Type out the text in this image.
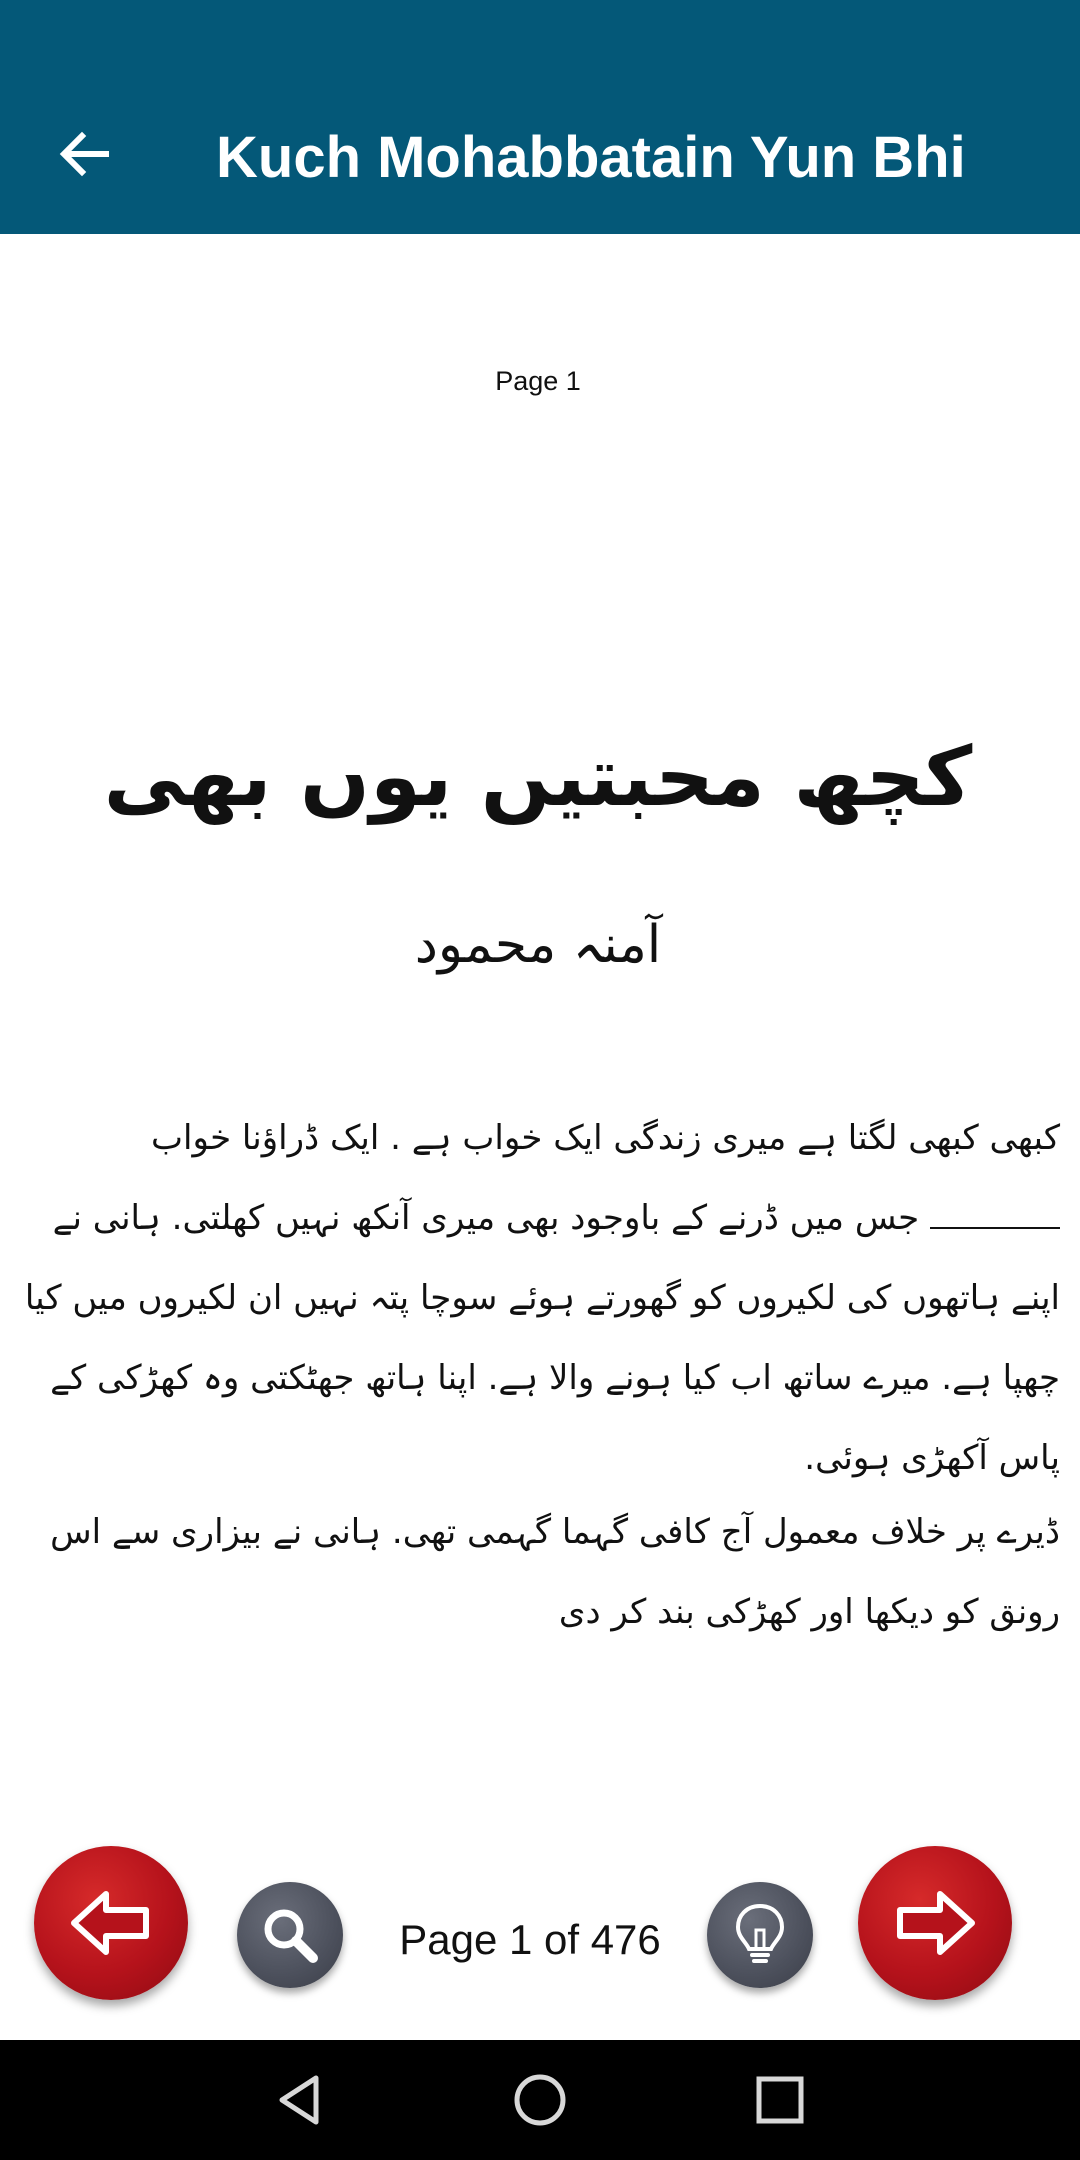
Kuch Mohabbatain Yun Bhi
Page 1
کچھ محبتیں یوں بھی
آمنہ محمود
کبھی کبھی لگتا ہے میری زندگی ایک خواب ہے . ایک ڈراؤنا خواب  جس میں ڈرنے کے باوجود بھی میری آنکھ نہیں کھلتی. ہانی نے اپنے ہاتھوں کی لکیروں کو گھورتے ہوئے سوچا پتہ نہیں ان لکیروں میں کیا چھپا ہے. میرے ساتھ اب کیا ہونے والا ہے. اپنا ہاتھ جھٹکتی وہ کھڑکی کے پاس آکھڑی ہوئی.
ڈیرے پر خلاف معمول آج کافی گہما گہمی تھی. ہانی نے بیزاری سے اس رونق کو دیکھا اور کھڑکی بند کر دی
Page 1 of 476
